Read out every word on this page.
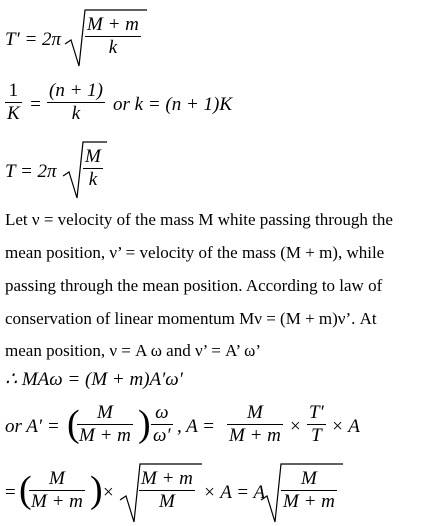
T′ = 2π
M + m
k
1
K =
(n + 1)
k or k = (n + 1)K
T = 2π
M
k
Let ν = velocity of the mass M white passing through the
mean position, ν’ = velocity of the mass (M + m), while
passing through the mean position. According to law of
conservation of linear momentum Mν = (M + m)ν’. At
mean position, ν = A ω and ν’ = A’ ω’
∴ MAω = (M + m)A′ω′
or A′ = ( M
M + m ) ω
ω′ , A =
M
M + m ×
T′
T × A
= ( M
M + m ) ×
M + m
M × A = A
M
M + m
